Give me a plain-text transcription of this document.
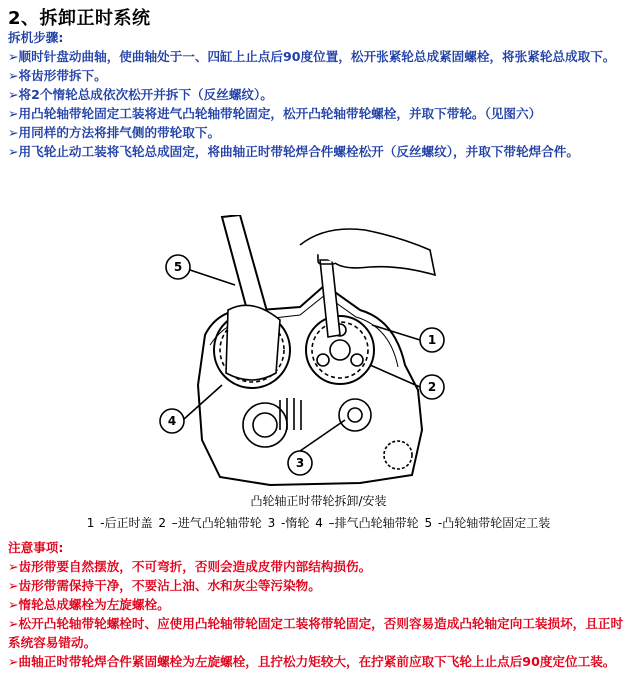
2、拆卸正时系统
拆机步骤:
➢顺时针盘动曲轴，使曲轴处于一、四缸上止点后90度位置，松开张紧轮总成紧固螺栓，将张紧轮总成取下。
➢将齿形带拆下。
➢将2个惰轮总成依次松开并拆下（反丝螺纹）。
➢用凸轮轴带轮固定工装将进气凸轮轴带轮固定，松开凸轮轴带轮螺栓，并取下带轮。（见图六）
➢用同样的方法将排气侧的带轮取下。
➢用飞轮止动工装将飞轮总成固定，将曲轴正时带轮焊合件螺栓松开（反丝螺纹），并取下带轮焊合件。
5
1
2
4
3
凸轮轴正时带轮拆卸/安装
1 -后正时盖 2 –进气凸轮轴带轮 3 -惰轮 4 –排气凸轮轴带轮 5 -凸轮轴带轮固定工装
注意事项:
➢齿形带要自然摆放，不可弯折，否则会造成皮带内部结构损伤。
➢齿形带需保持干净，不要沾上油、水和灰尘等污染物。
➢惰轮总成螺栓为左旋螺栓。
➢松开凸轮轴带轮螺栓时、应使用凸轮轴带轮固定工装将带轮固定，否则容易造成凸轮轴定向工装损坏，且正时系统容易错动。
➢曲轴正时带轮焊合件紧固螺栓为左旋螺栓，且拧松力矩较大，在拧紧前应取下飞轮上止点后90度定位工装。
